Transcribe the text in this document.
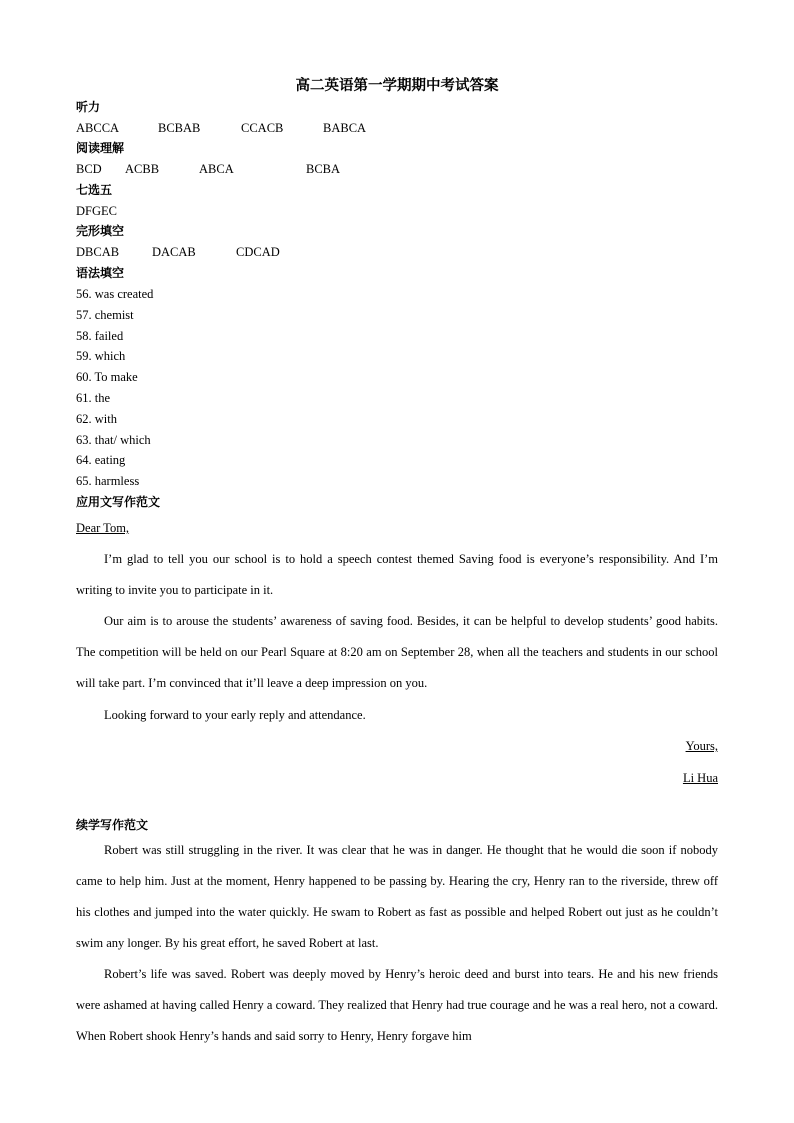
高二英语第一学期期中考试答案
听力
ABCCA	BCBAB	CCACB	BABCA
阅读理解
BCD ACBB	ABCA	BCBA
七选五
DFGEC
完形填空
DBCAB	DACAB	CDCAD
语法填空
56. was created
57. chemist
58. failed
59. which
60. To make
61. the
62. with
63. that/ which
64. eating
65. harmless
应用文写作范文
Dear Tom,

I’m glad to tell you our school is to hold a speech contest themed Saving food is everyone’s responsibility. And I’m writing to invite you to participate in it.

Our aim is to arouse the students’ awareness of saving food. Besides, it can be helpful to develop students’ good habits. The competition will be held on our Pearl Square at 8:20 am on September 28, when all the teachers and students in our school will take part. I’m convinced that it’ll leave a deep impression on you.

Looking forward to your early reply and attendance.

Yours,
Li Hua
续学写作范文

Robert was still struggling in the river. It was clear that he was in danger. He thought that he would die soon if nobody came to help him. Just at the moment, Henry happened to be passing by. Hearing the cry, Henry ran to the riverside, threw off his clothes and jumped into the water quickly. He swam to Robert as fast as possible and helped Robert out just as he couldn’t swim any longer. By his great effort, he saved Robert at last.

Robert’s life was saved. Robert was deeply moved by Henry’s heroic deed and burst into tears. He and his new friends were ashamed at having called Henry a coward. They realized that Henry had true courage and he was a real hero, not a coward. When Robert shook Henry’s hands and said sorry to Henry, Henry forgave him
